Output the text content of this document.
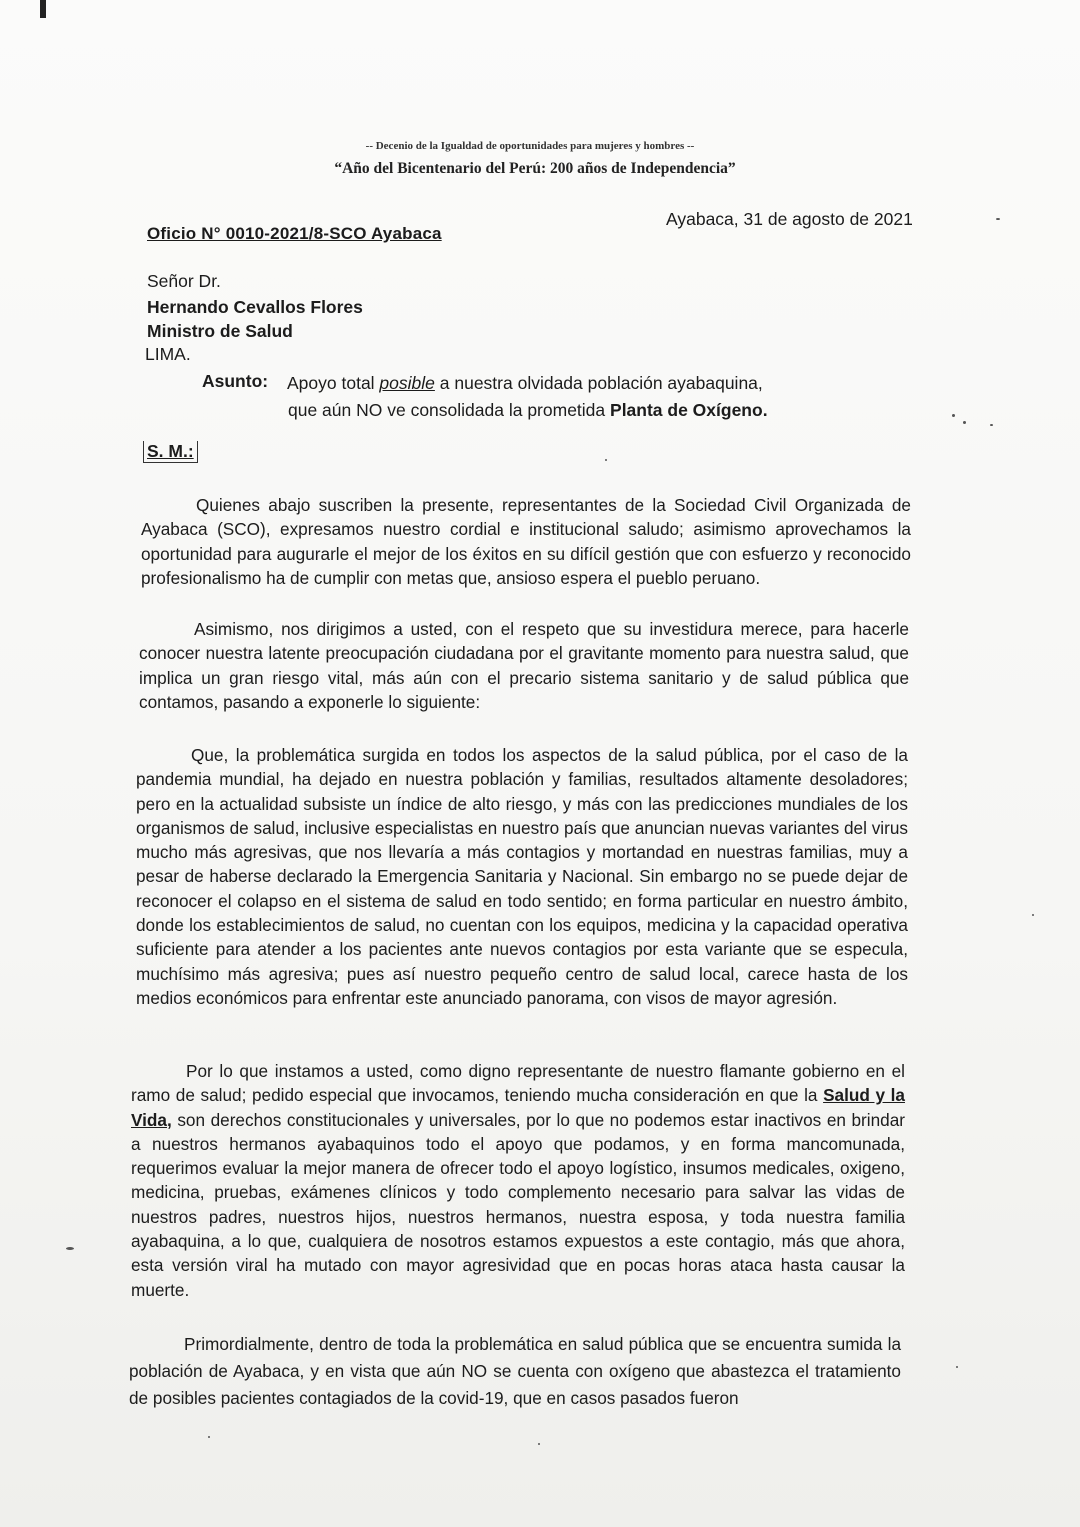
-- Decenio de la Igualdad de oportunidades para mujeres y hombres --
“Año del Bicentenario del Perú: 200 años de Independencia”
Ayabaca, 31 de agosto de 2021
Oficio N° 0010-2021/8-SCO Ayabaca
Señor Dr.
Hernando Cevallos Flores
Ministro de Salud
LIMA.
Asunto: Apoyo total posible a nuestra olvidada población ayabaquina,
que aún NO ve consolidada la prometida Planta de Oxígeno.
S. M.:
Quienes abajo suscriben la presente, representantes de la Sociedad Civil Organizada de Ayabaca (SCO), expresamos nuestro cordial e institucional saludo; asimismo aprovechamos la oportunidad para augurarle el mejor de los éxitos en su difícil gestión que con esfuerzo y reconocido profesionalismo ha de cumplir con metas que, ansioso espera el pueblo peruano.
Asimismo, nos dirigimos a usted, con el respeto que su investidura merece, para hacerle conocer nuestra latente preocupación ciudadana por el gravitante momento para nuestra salud, que implica un gran riesgo vital, más aún con el precario sistema sanitario y de salud pública que contamos, pasando a exponerle lo siguiente:
Que, la problemática surgida en todos los aspectos de la salud pública, por el caso de la pandemia mundial, ha dejado en nuestra población y familias, resultados altamente desoladores; pero en la actualidad subsiste un índice de alto riesgo, y más con las predicciones mundiales de los organismos de salud, inclusive especialistas en nuestro país que anuncian nuevas variantes del virus mucho más agresivas, que nos llevaría a más contagios y mortandad en nuestras familias, muy a pesar de haberse declarado la Emergencia Sanitaria y Nacional. Sin embargo no se puede dejar de reconocer el colapso en el sistema de salud en todo sentido; en forma particular en nuestro ámbito, donde los establecimientos de salud, no cuentan con los equipos, medicina y la capacidad operativa suficiente para atender a los pacientes ante nuevos contagios por esta variante que se especula, muchísimo más agresiva; pues así nuestro pequeño centro de salud local, carece hasta de los medios económicos para enfrentar este anunciado panorama, con visos de mayor agresión.
Por lo que instamos a usted, como digno representante de nuestro flamante gobierno en el ramo de salud; pedido especial que invocamos, teniendo mucha consideración en que la Salud y la Vida, son derechos constitucionales y universales, por lo que no podemos estar inactivos en brindar a nuestros hermanos ayabaquinos todo el apoyo que podamos, y en forma mancomunada, requerimos evaluar la mejor manera de ofrecer todo el apoyo logístico, insumos medicales, oxigeno, medicina, pruebas, exámenes clínicos y todo complemento necesario para salvar las vidas de nuestros padres, nuestros hijos, nuestros hermanos, nuestra esposa, y toda nuestra familia ayabaquina, a lo que, cualquiera de nosotros estamos expuestos a este contagio, más que ahora, esta versión viral ha mutado con mayor agresividad que en pocas horas ataca hasta causar la muerte.
Primordialmente, dentro de toda la problemática en salud pública que se encuentra sumida la población de Ayabaca, y en vista que aún NO se cuenta con oxígeno que abastezca el tratamiento de posibles pacientes contagiados de la covid-19, que en casos pasados fueron
